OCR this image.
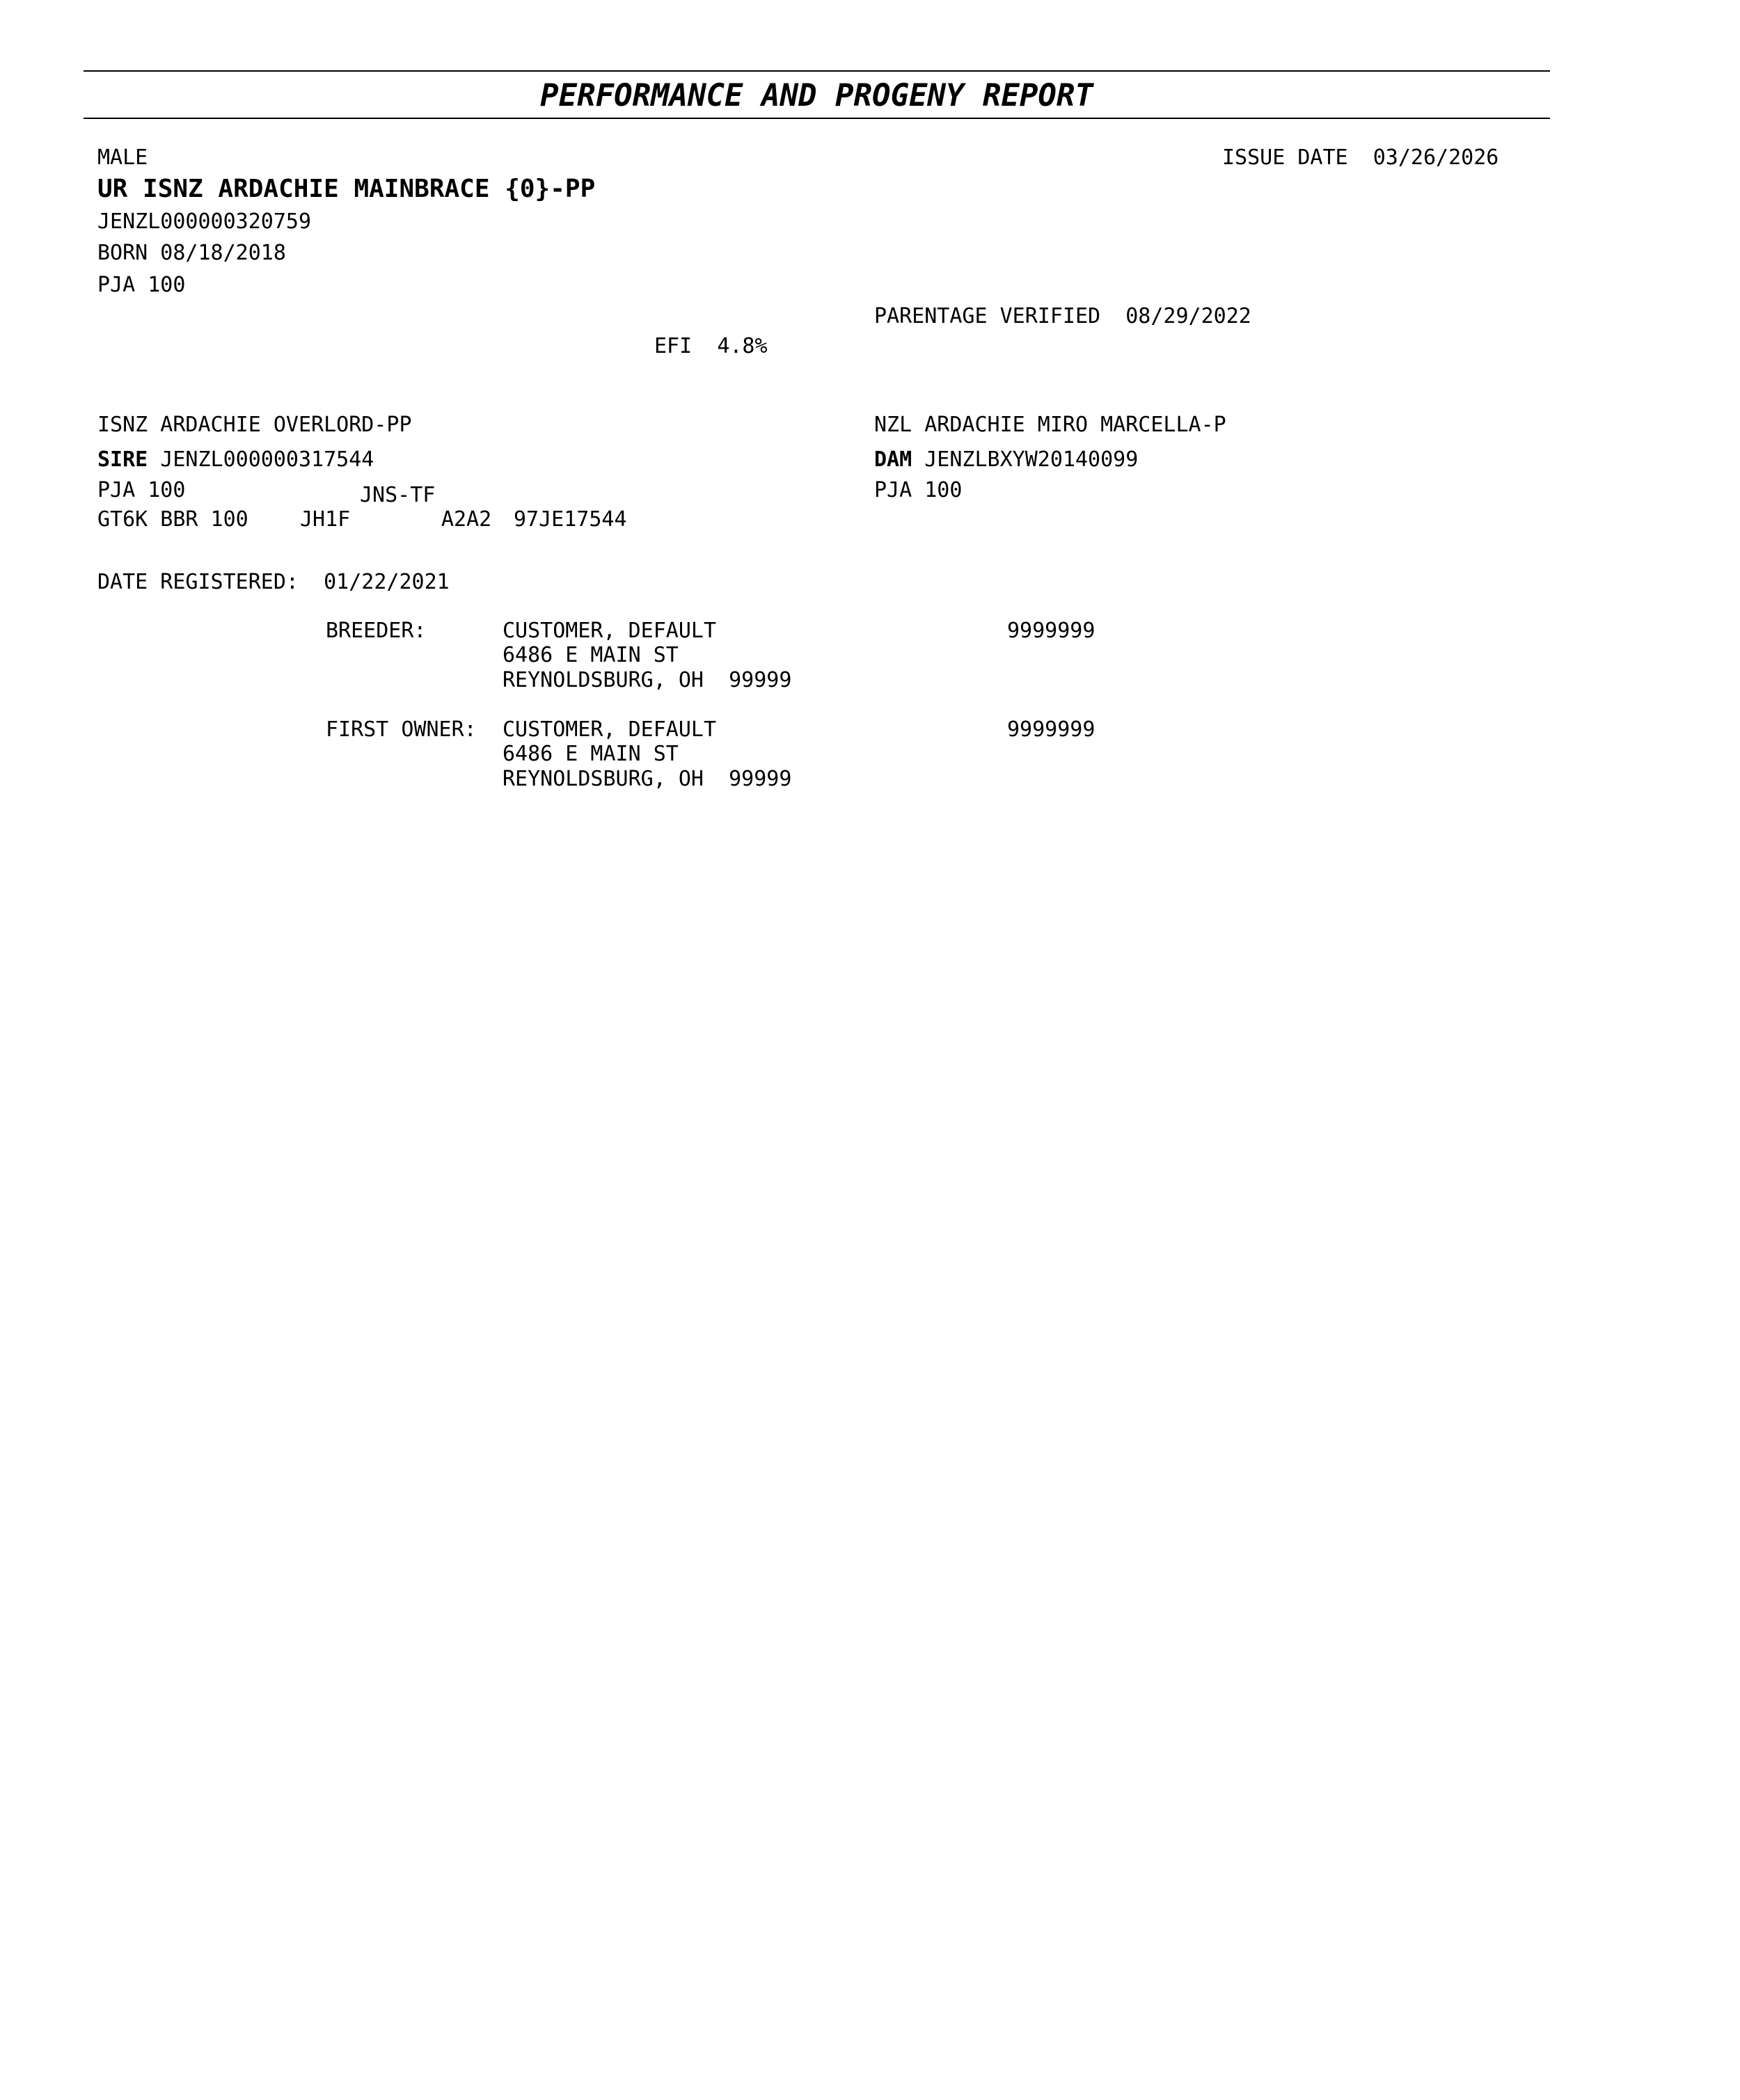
PERFORMANCE AND PROGENY REPORT
MALE	ISSUE DATE 03/26/2026
UR ISNZ ARDACHIE MAINBRACE {0}-PP
JENZL000000320759
BORN 08/18/2018
PJA 100
PARENTAGE VERIFIED 08/29/2022
EFI 4.8%
ISNZ ARDACHIE OVERLORD-PP
SIRE JENZL000000317544
PJA 100	JNS-TF
GT6K BBR 100 JH1F	A2A2 97JE17544
NZL ARDACHIE MIRO MARCELLA-P
DAM JENZLBXYW20140099
PJA 100
DATE REGISTERED: 01/22/2021
BREEDER:	CUSTOMER, DEFAULT
6486 E MAIN ST
REYNOLDSBURG, OH  99999
9999999
FIRST OWNER: CUSTOMER, DEFAULT
6486 E MAIN ST
REYNOLDSBURG, OH  99999
9999999
